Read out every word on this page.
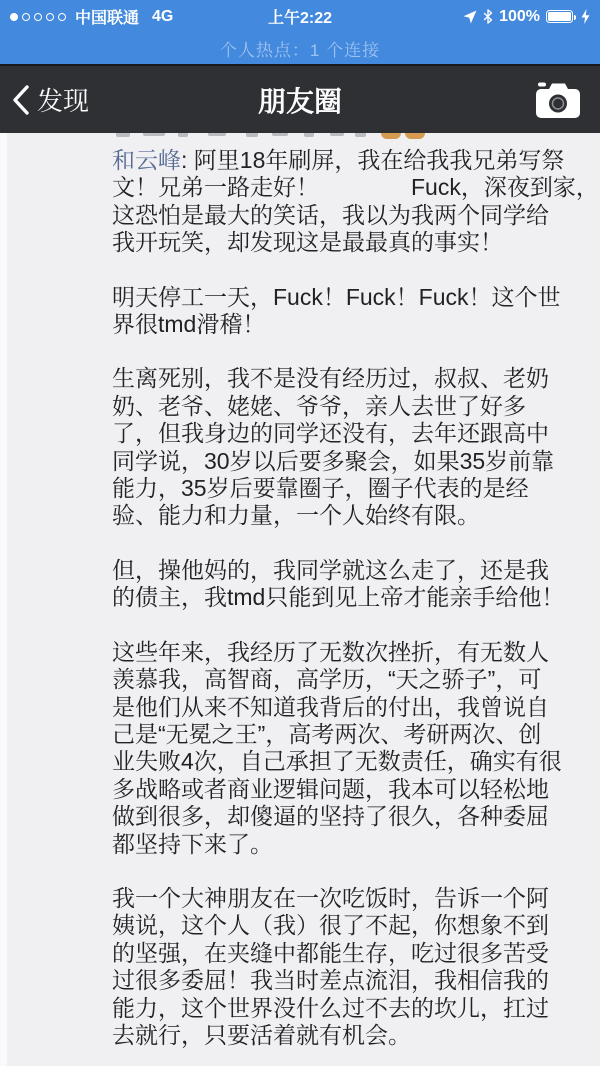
中国联通 4G	上午2:22	100%
个人热点：1 个连接
发现	朋友圈
和云峰: 阿里18年刷屏，我在给我我兄弟写祭
文！兄弟一路走好！　　　　Fuck，深夜到家，
这恐怕是最大的笑话，我以为我两个同学给
我开玩笑，却发现这是最最真的事实！
明天停工一天，Fuck！Fuck！Fuck！这个世
界很tmd滑稽！
生离死别，我不是没有经历过，叔叔、老奶
奶、老爷、姥姥、爷爷，亲人去世了好多
了，但我身边的同学还没有，去年还跟高中
同学说，30岁以后要多聚会，如果35岁前靠
能力，35岁后要靠圈子，圈子代表的是经
验、能力和力量，一个人始终有限。
但，操他妈的，我同学就这么走了，还是我
的债主，我tmd只能到见上帝才能亲手给他！
这些年来，我经历了无数次挫折，有无数人
羡慕我，高智商，高学历，“天之骄子”，可
是他们从来不知道我背后的付出，我曾说自
己是“无冕之王”，高考两次、考研两次、创
业失败4次，自己承担了无数责任，确实有很
多战略或者商业逻辑问题，我本可以轻松地
做到很多，却傻逼的坚持了很久，各种委屈
都坚持下来了。
我一个大神朋友在一次吃饭时，告诉一个阿
姨说，这个人（我）很了不起，你想象不到
的坚强，在夹缝中都能生存，吃过很多苦受
过很多委屈！我当时差点流泪，我相信我的
能力，这个世界没什么过不去的坎儿，扛过
去就行，只要活着就有机会。
